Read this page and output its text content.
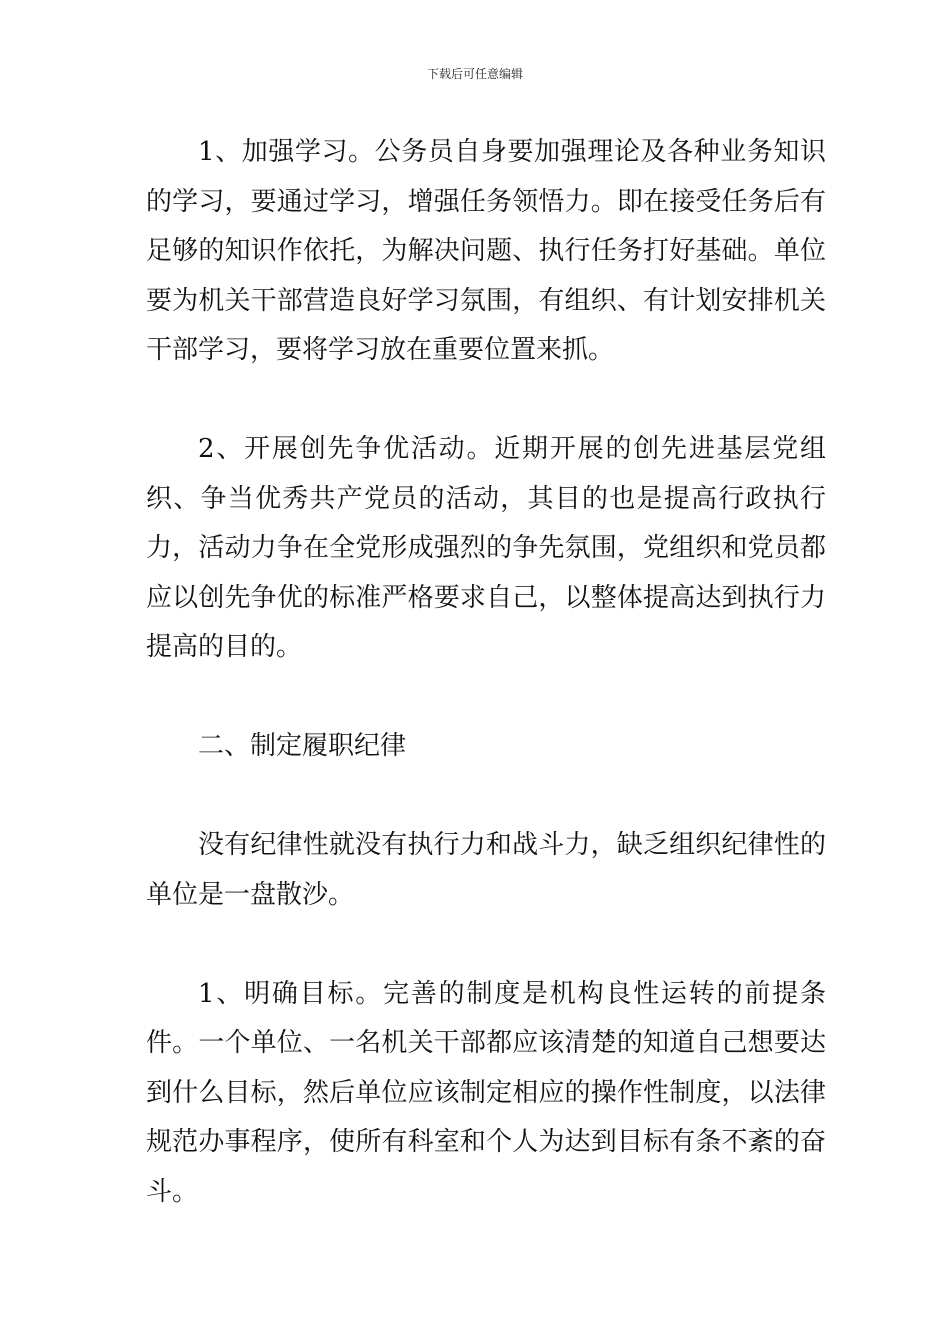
下载后可任意编辑

1、加强学习。公务员自身要加强理论及各种业务知识的学习，要通过学习，增强任务领悟力。即在接受任务后有足够的知识作依托，为解决问题、执行任务打好基础。单位要为机关干部营造良好学习氛围，有组织、有计划安排机关干部学习，要将学习放在重要位置来抓。

2、开展创先争优活动。近期开展的创先进基层党组织、争当优秀共产党员的活动，其目的也是提高行政执行力，活动力争在全党形成强烈的争先氛围，党组织和党员都应以创先争优的标准严格要求自己，以整体提高达到执行力提高的目的。

二、制定履职纪律

没有纪律性就没有执行力和战斗力，缺乏组织纪律性的单位是一盘散沙。

1、明确目标。完善的制度是机构良性运转的前提条件。一个单位、一名机关干部都应该清楚的知道自己想要达到什么目标，然后单位应该制定相应的操作性制度，以法律规范办事程序，使所有科室和个人为达到目标有条不紊的奋斗。
